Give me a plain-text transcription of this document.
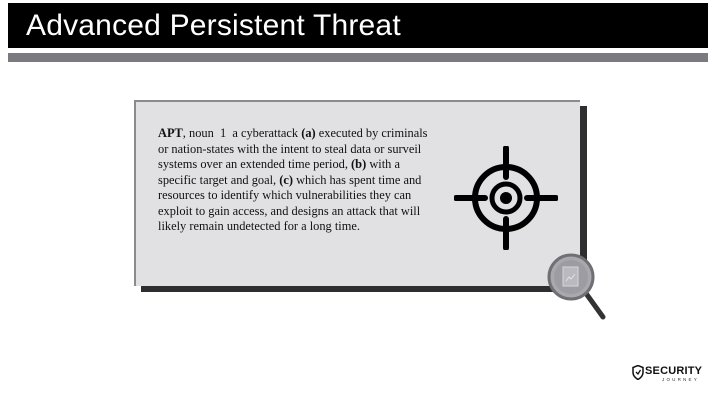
Advanced Persistent Threat
APT, noun 1 a cyberattack (a) executed by criminals or nation-states with the intent to steal data or surveil systems over an extended time period, (b) with a specific target and goal, (c) which has spent time and resources to identify which vulnerabilities they can exploit to gain access, and designs an attack that will likely remain undetected for a long time.
SECURITY
JOURNEY
